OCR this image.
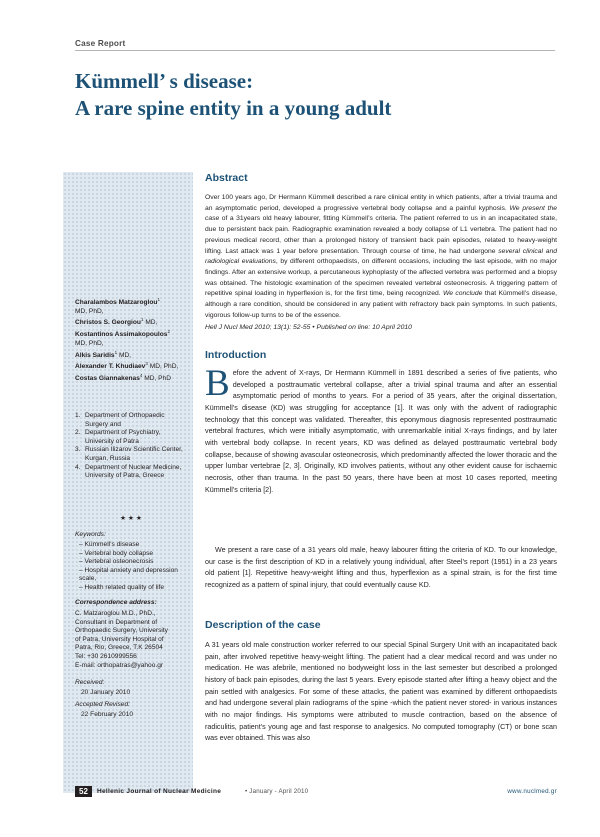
Case Report
Kümmell’ s disease:
A rare spine entity in a young adult
Charalambos Matzaroglou$^1$
MD, PhD,
Christos S. Georgiou$^1$ MD,
Kostantinos Assimakopoulos$^2$
MD, PhD,
Alkis Saridis$^1$ MD,
Alexander T. Khudiaev$^3$ MD, PhD,
Costas Giannakenas$^4$ MD, PhD
1. Department of Orthopaedic Surgery and
2. Department of Psychiatry, University of Patra
3. Russian Ilizarov Scientific Center, Kurgan, Russia
4. Department of Nuclear Medicine, University of Patra, Greece
★★★
Keywords:
– Kümmell’s disease
– Vertebral body collapse
– Vertebral osteonecrosis
– Hospital anxiety and depression scale,
– Health related quality of life
Correspondence address:
C. Matzaroglou M.D., PhD.,
Consultant in Department of
Orthopaedic Surgery, University
of Patra, University Hospital of
Patra, Rio, Greece, T.K 26504
Tel: +30 2610999556
E-mail: orthopatras@yahoo.gr
Received:
20 January 2010
Accepted Revised:
22 February 2010
Abstract

Over 100 years ago, Dr Hermann Kümmell described a rare clinical entity in which patients, after a trivial trauma and an asymptomatic period, developed a progressive vertebral body collapse and a painful kyphosis. We present the case of a 31years old heavy labourer, fitting Kümmell’s criteria. The patient referred to us in an incapacitated state, due to persistent back pain. Radiographic examination revealed a body collapse of L1 vertebra. The patient had no previous medical record, other than a prolonged history of transient back pain episodes, related to heavy-weight lifting. Last attack was 1 year before presentation. Through course of time, he had undergone several clinical and radiological evaluations, by different orthopaedists, on different occasions, including the last episode, with no major findings. After an extensive workup, a percutaneous kyphoplasty of the affected vertebra was performed and a biopsy was obtained. The histologic examination of the specimen revealed vertebral osteonecrosis. A triggering pattern of repetitive spinal loading in hyperflexion is, for the first time, being recognized. We conclude that Kümmell’s disease, although a rare condition, should be considered in any patient with refractory back pain symptoms. In such patients, vigorous follow-up turns to be of the essence.

Hell J Nucl Med 2010; 13(1): 52-55 • Published on line: 10 April 2010
Introduction

Before the advent of X-rays, Dr Hermann Kümmell in 1891 described a series of five patients, who developed a posttraumatic vertebral collapse, after a trivial spinal trauma and after an essential asymptomatic period of months to years. For a period of 35 years, after the original dissertation, Kümmell’s disease (KD) was struggling for acceptance [1]. It was only with the advent of radiographic technology that this concept was validated. Thereafter, this eponymous diagnosis represented posttraumatic vertebral fractures, which were initially asymptomatic, with unremarkable initial X-rays findings, and by later with vertebral body collapse. In recent years, KD was defined as delayed posttraumatic vertebral body collapse, because of showing avascular osteonecrosis, which predominantly affected the lower thoracic and the upper lumbar vertebrae [2, 3]. Originally, KD involves patients, without any other evident cause for ischaemic necrosis, other than trauma. In the past 50 years, there have been at most 10 cases reported, meeting Kümmell’s criteria [2].

We present a rare case of a 31 years old male, heavy labourer fitting the criteria of KD. To our knowledge, our case is the first description of KD in a relatively young individual, after Steel’s report (1951) in a 23 years old patient [1]. Repetitive heavy-weight lifting and thus, hyperflexion as a spinal strain, is for the first time recognized as a pattern of spinal injury, that could eventually cause KD.

Description of the case

A 31 years old male construction worker referred to our special Spinal Surgery Unit with an incapacitated back pain, after involved repetitive heavy-weight lifting. The patient had a clear medical record and was under no medication. He was afebrile, mentioned no bodyweight loss in the last semester but described a prolonged history of back pain episodes, during the last 5 years. Every episode started after lifting a heavy object and the pain settled with analgesics. For some of these attacks, the patient was examined by different orthopaedists and had undergone several plain radiograms of the spine -which the patient never stored- in various instances with no major findings. His symptoms were attributed to muscle contraction, based on the absence of radiculitis, patient’s young age and fast response to analgesics. No computed tomography (CT) or bone scan was ever obtained. This was also

52	Hellenic Journal of Nuclear Medicine	• January - April 2010	www.nuclmed.gr
